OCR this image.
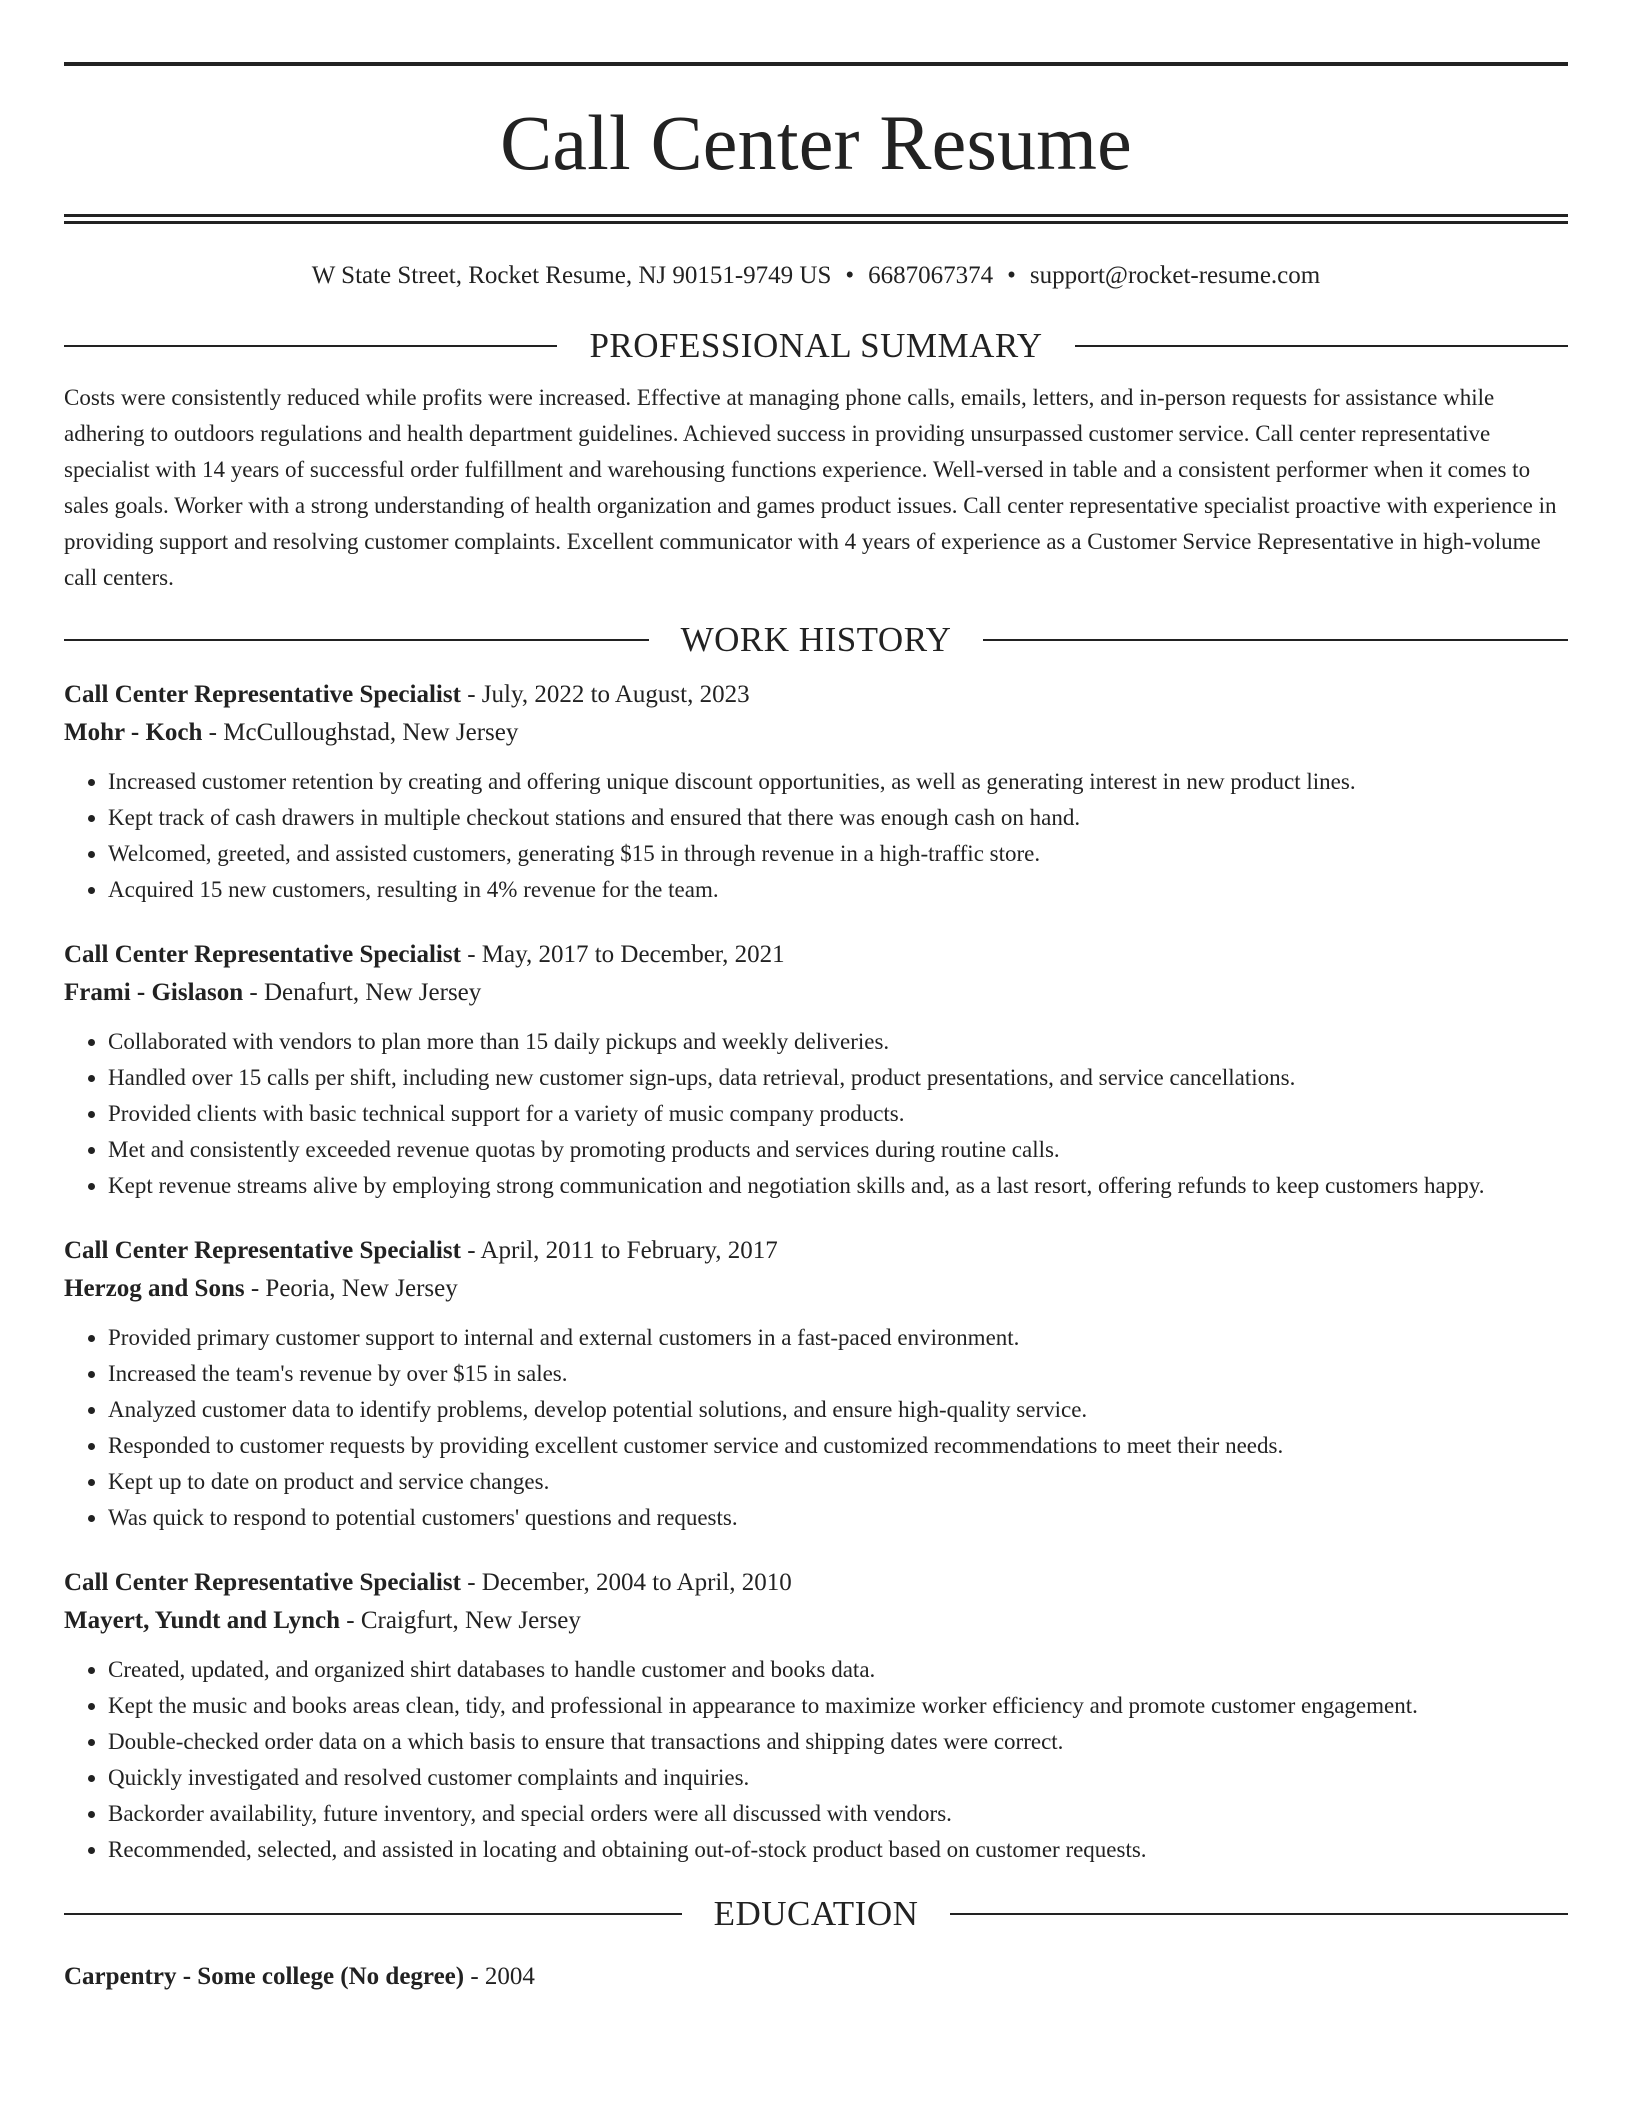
Call Center Resume
W State Street, Rocket Resume, NJ 90151-9749 US • 6687067374 • support@rocket-resume.com
PROFESSIONAL SUMMARY
Costs were consistently reduced while profits were increased. Effective at managing phone calls, emails, letters, and in-person requests for assistance while adhering to outdoors regulations and health department guidelines. Achieved success in providing unsurpassed customer service. Call center representative specialist with 14 years of successful order fulfillment and warehousing functions experience. Well-versed in table and a consistent performer when it comes to sales goals. Worker with a strong understanding of health organization and games product issues. Call center representative specialist proactive with experience in providing support and resolving customer complaints. Excellent communicator with 4 years of experience as a Customer Service Representative in high-volume call centers.
WORK HISTORY
Call Center Representative Specialist - July, 2022 to August, 2023
Mohr - Koch - McCulloughstad, New Jersey
• Increased customer retention by creating and offering unique discount opportunities, as well as generating interest in new product lines.
• Kept track of cash drawers in multiple checkout stations and ensured that there was enough cash on hand.
• Welcomed, greeted, and assisted customers, generating $15 in through revenue in a high-traffic store.
• Acquired 15 new customers, resulting in 4% revenue for the team.
Call Center Representative Specialist - May, 2017 to December, 2021
Frami - Gislason - Denafurt, New Jersey
• Collaborated with vendors to plan more than 15 daily pickups and weekly deliveries.
• Handled over 15 calls per shift, including new customer sign-ups, data retrieval, product presentations, and service cancellations.
• Provided clients with basic technical support for a variety of music company products.
• Met and consistently exceeded revenue quotas by promoting products and services during routine calls.
• Kept revenue streams alive by employing strong communication and negotiation skills and, as a last resort, offering refunds to keep customers happy.
Call Center Representative Specialist - April, 2011 to February, 2017
Herzog and Sons - Peoria, New Jersey
• Provided primary customer support to internal and external customers in a fast-paced environment.
• Increased the team's revenue by over $15 in sales.
• Analyzed customer data to identify problems, develop potential solutions, and ensure high-quality service.
• Responded to customer requests by providing excellent customer service and customized recommendations to meet their needs.
• Kept up to date on product and service changes.
• Was quick to respond to potential customers' questions and requests.
Call Center Representative Specialist - December, 2004 to April, 2010
Mayert, Yundt and Lynch - Craigfurt, New Jersey
• Created, updated, and organized shirt databases to handle customer and books data.
• Kept the music and books areas clean, tidy, and professional in appearance to maximize worker efficiency and promote customer engagement.
• Double-checked order data on a which basis to ensure that transactions and shipping dates were correct.
• Quickly investigated and resolved customer complaints and inquiries.
• Backorder availability, future inventory, and special orders were all discussed with vendors.
• Recommended, selected, and assisted in locating and obtaining out-of-stock product based on customer requests.
EDUCATION
Carpentry - Some college (No degree) - 2004
